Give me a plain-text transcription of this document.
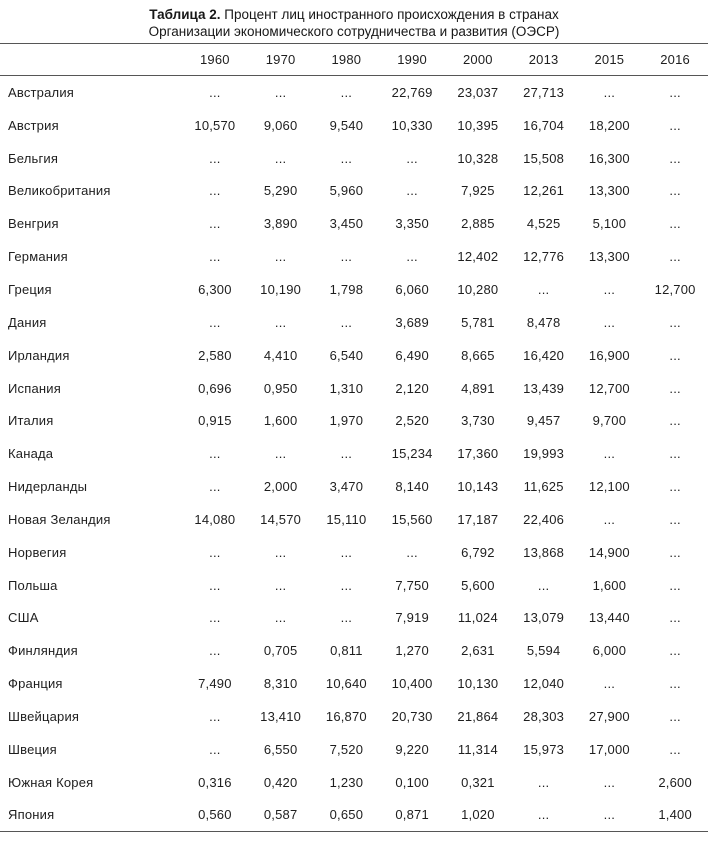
Таблица 2. Процент лиц иностранного происхождения в странах
Организации экономического сотрудничества и развития (ОЭСР)
	1960	1970	1980	1990	2000	2013	2015	2016
Австралия	...	...	...	22,769	23,037	27,713	...	...
Австрия	10,570	9,060	9,540	10,330	10,395	16,704	18,200	...
Бельгия	...	...	...	...	10,328	15,508	16,300	...
Великобритания	...	5,290	5,960	...	7,925	12,261	13,300	...
Венгрия	...	3,890	3,450	3,350	2,885	4,525	5,100	...
Германия	...	...	...	...	12,402	12,776	13,300	...
Греция	6,300	10,190	1,798	6,060	10,280	...	...	12,700
Дания	...	...	...	3,689	5,781	8,478	...	...
Ирландия	2,580	4,410	6,540	6,490	8,665	16,420	16,900	...
Испания	0,696	0,950	1,310	2,120	4,891	13,439	12,700	...
Италия	0,915	1,600	1,970	2,520	3,730	9,457	9,700	...
Канада	...	...	...	15,234	17,360	19,993	...	...
Нидерланды	...	2,000	3,470	8,140	10,143	11,625	12,100	...
Новая Зеландия	14,080	14,570	15,110	15,560	17,187	22,406	...	...
Норвегия	...	...	...	...	6,792	13,868	14,900	...
Польша	...	...	...	7,750	5,600	...	1,600	...
США	...	...	...	7,919	11,024	13,079	13,440	...
Финляндия	...	0,705	0,811	1,270	2,631	5,594	6,000	...
Франция	7,490	8,310	10,640	10,400	10,130	12,040	...	...
Швейцария	...	13,410	16,870	20,730	21,864	28,303	27,900	...
Швеция	...	6,550	7,520	9,220	11,314	15,973	17,000	...
Южная Корея	0,316	0,420	1,230	0,100	0,321	...	...	2,600
Япония	0,560	0,587	0,650	0,871	1,020	...	...	1,400
